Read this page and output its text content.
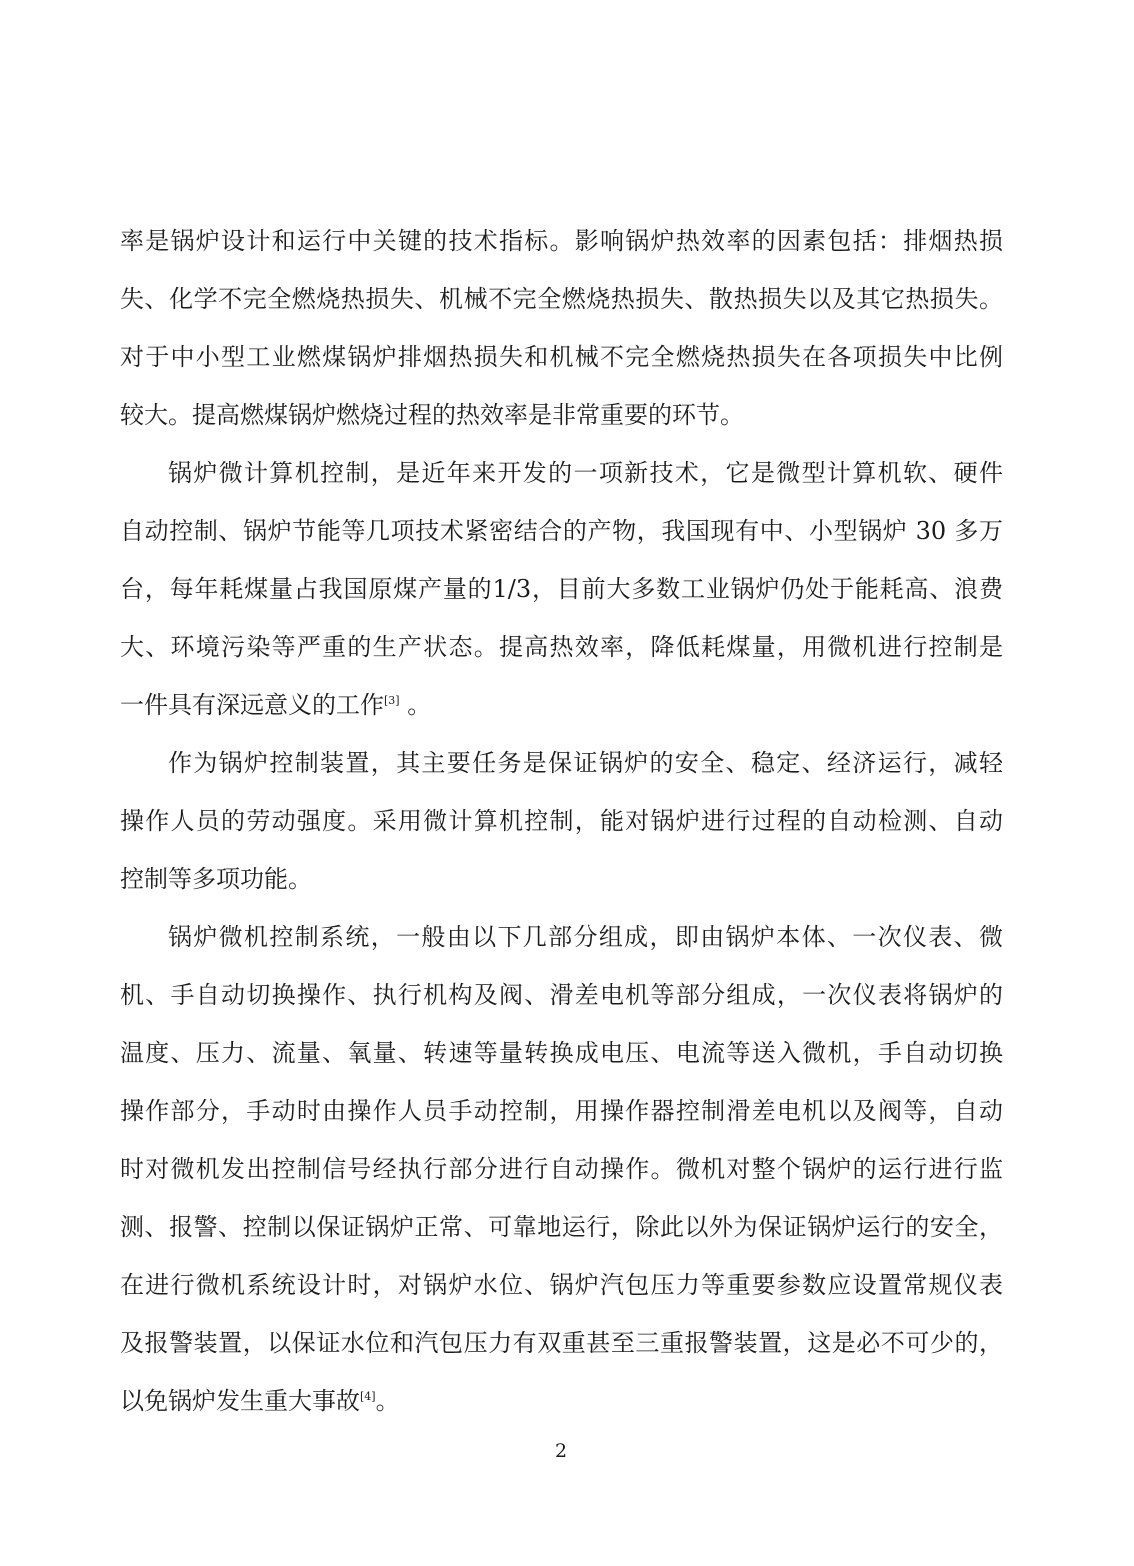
率是锅炉设计和运行中关键的技术指标。影响锅炉热效率的因素包括：排烟热损
失、化学不完全燃烧热损失、机械不完全燃烧热损失、散热损失以及其它热损失。
对于中小型工业燃煤锅炉排烟热损失和机械不完全燃烧热损失在各项损失中比例
较大。提高燃煤锅炉燃烧过程的热效率是非常重要的环节。
锅炉微计算机控制，是近年来开发的一项新技术，它是微型计算机软、硬件
自动控制、锅炉节能等几项技术紧密结合的产物，我国现有中、小型锅炉 30 多万
台，每年耗煤量占我国原煤产量的1/3，目前大多数工业锅炉仍处于能耗高、浪费
大、环境污染等严重的生产状态。提高热效率，降低耗煤量，用微机进行控制是
一件具有深远意义的工作[3] 。
作为锅炉控制装置，其主要任务是保证锅炉的安全、稳定、经济运行，减轻
操作人员的劳动强度。采用微计算机控制，能对锅炉进行过程的自动检测、自动
控制等多项功能。
锅炉微机控制系统，一般由以下几部分组成，即由锅炉本体、一次仪表、微
机、手自动切换操作、执行机构及阀、滑差电机等部分组成，一次仪表将锅炉的
温度、压力、流量、氧量、转速等量转换成电压、电流等送入微机，手自动切换
操作部分，手动时由操作人员手动控制，用操作器控制滑差电机以及阀等，自动
时对微机发出控制信号经执行部分进行自动操作。微机对整个锅炉的运行进行监
测、报警、控制以保证锅炉正常、可靠地运行，除此以外为保证锅炉运行的安全，
在进行微机系统设计时，对锅炉水位、锅炉汽包压力等重要参数应设置常规仪表
及报警装置，以保证水位和汽包压力有双重甚至三重报警装置，这是必不可少的，
以免锅炉发生重大事故[4]。
2
